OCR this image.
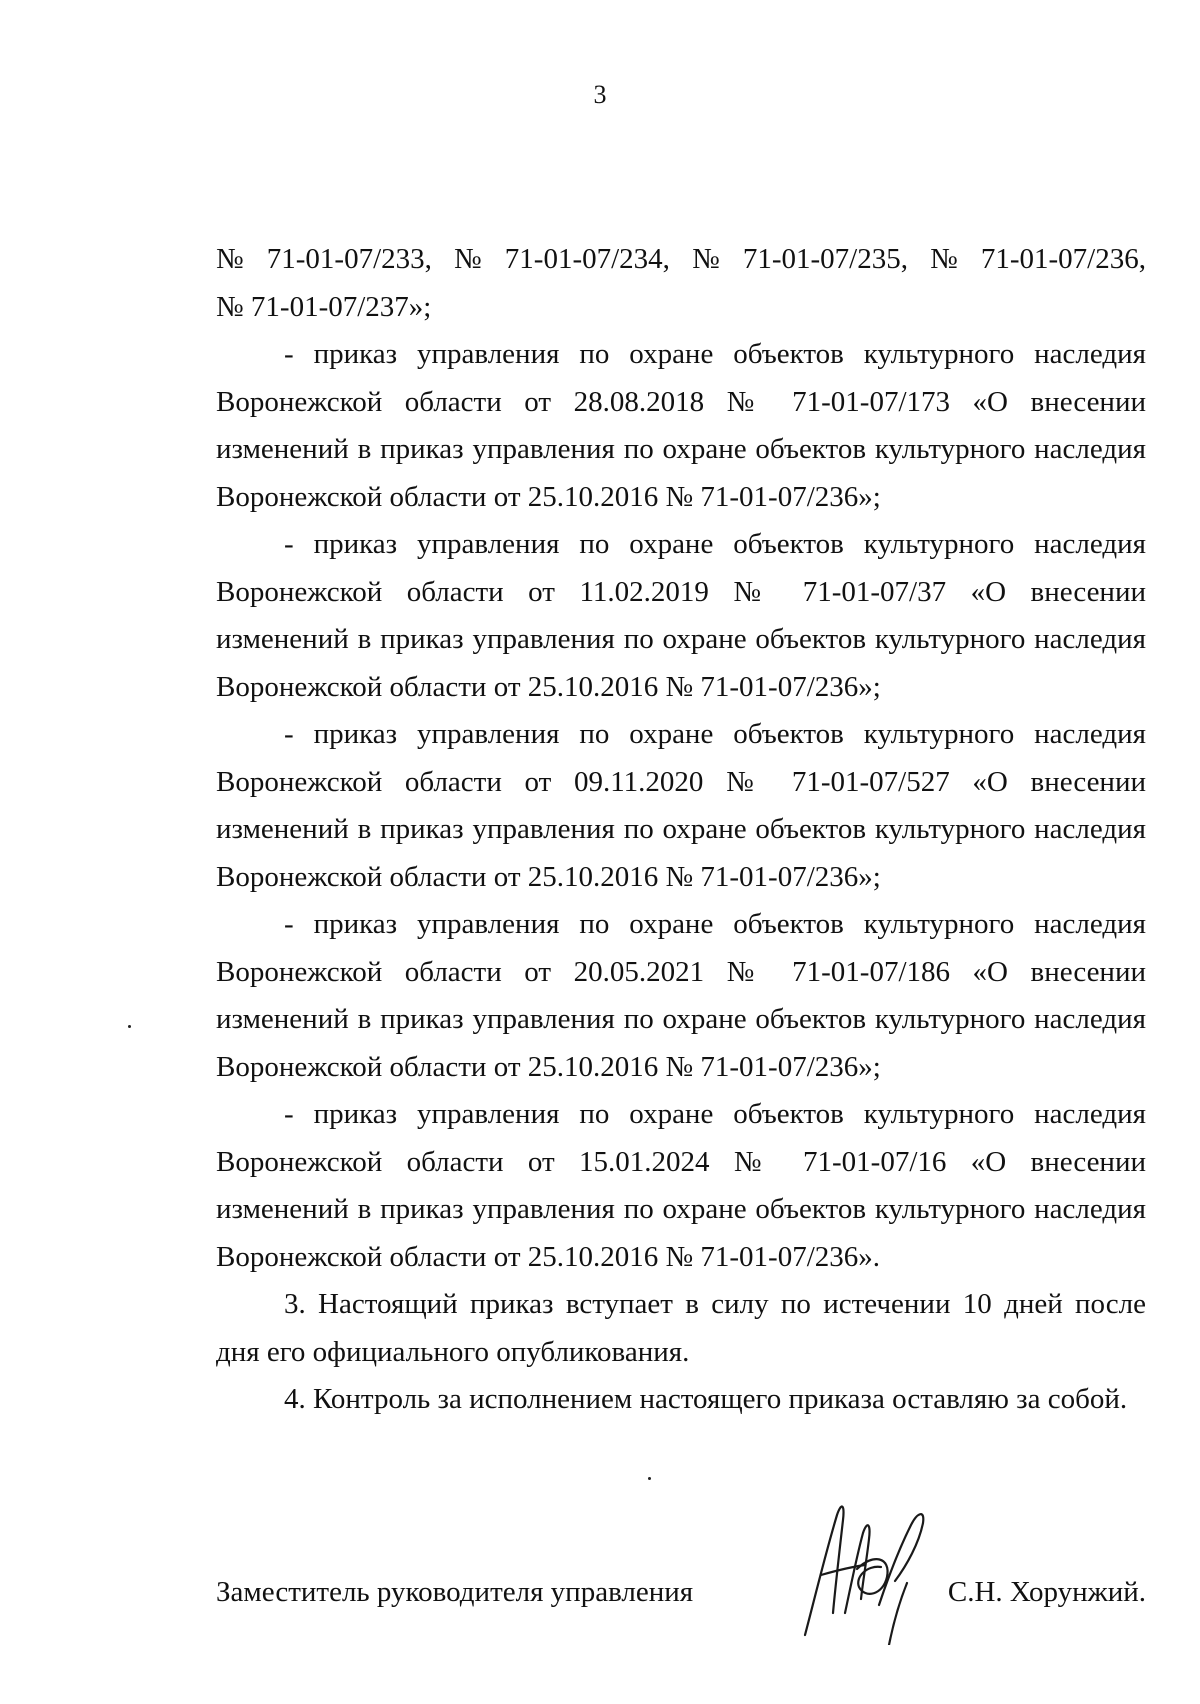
3

№ 71-01-07/233, № 71-01-07/234, № 71-01-07/235, № 71-01-07/236, № 71-01-07/237»;

- приказ управления по охране объектов культурного наследия Воронежской области от 28.08.2018 № 71-01-07/173 «О внесении изменений в приказ управления по охране объектов культурного наследия Воронежской области от 25.10.2016 № 71-01-07/236»;

- приказ управления по охране объектов культурного наследия Воронежской области от 11.02.2019 № 71-01-07/37 «О внесении изменений в приказ управления по охране объектов культурного наследия Воронежской области от 25.10.2016 № 71-01-07/236»;

- приказ управления по охране объектов культурного наследия Воронежской области от 09.11.2020 № 71-01-07/527 «О внесении изменений в приказ управления по охране объектов культурного наследия Воронежской области от 25.10.2016 № 71-01-07/236»;

- приказ управления по охране объектов культурного наследия Воронежской области от 20.05.2021 № 71-01-07/186 «О внесении изменений в приказ управления по охране объектов культурного наследия Воронежской области от 25.10.2016 № 71-01-07/236»;

- приказ управления по охране объектов культурного наследия Воронежской области от 15.01.2024 № 71-01-07/16 «О внесении изменений в приказ управления по охране объектов культурного наследия Воронежской области от 25.10.2016 № 71-01-07/236».

3. Настоящий приказ вступает в силу по истечении 10 дней после дня его официального опубликования.

4. Контроль за исполнением настоящего приказа оставляю за собой.

Заместитель руководителя управления	С.Н. Хорунжий.
